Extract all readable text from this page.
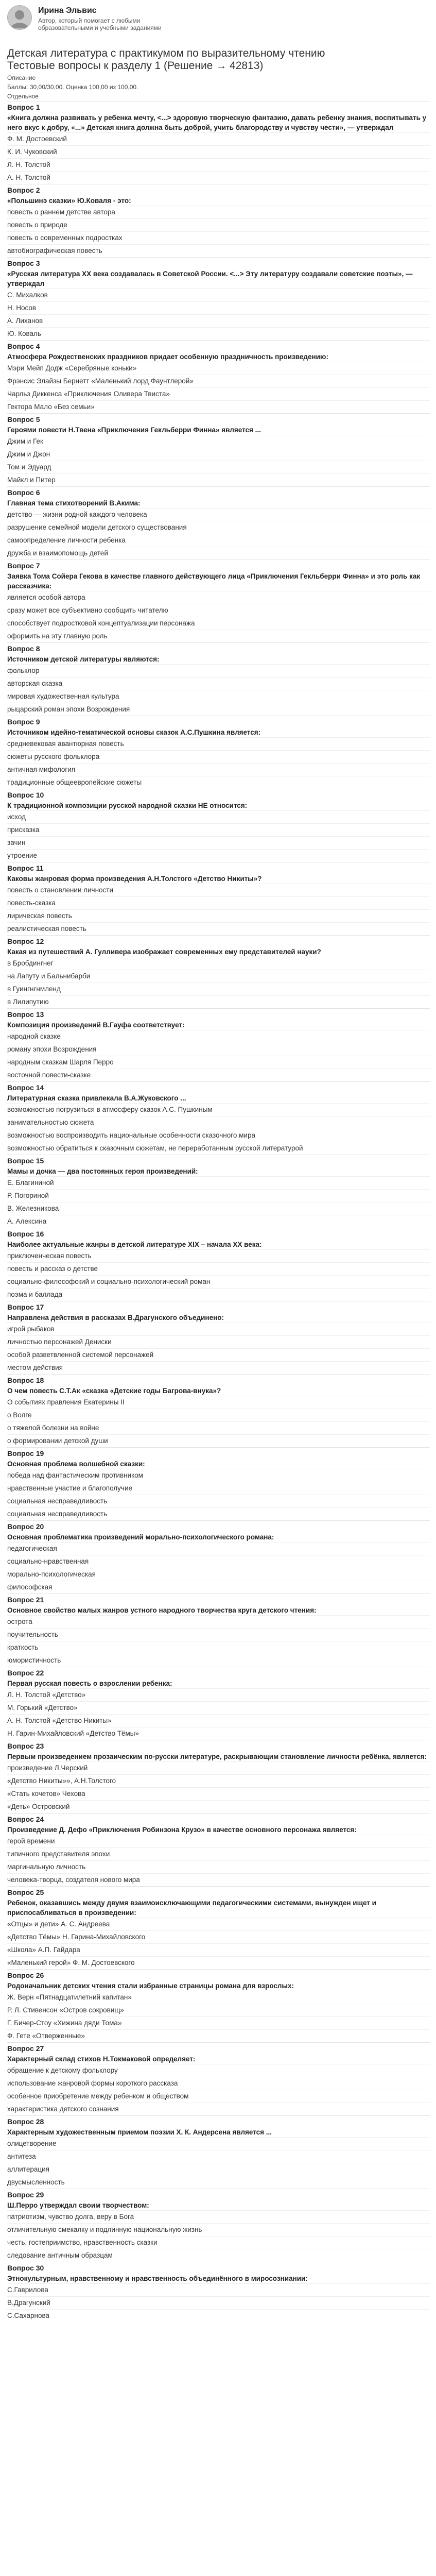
Ирина Эльвис
Автор, который помогает с любыми образовательными и учебными заданиями
Детская литература с практикумом по выразительному чтению
Тестовые вопросы к разделу 1 (Решение → 42813)
Описание
Баллы: 30,00/30,00. Оценка 100,00 из 100,00.
Отдельное
Вопрос 1
«Книга должна развивать у ребенка мечту, <...> здоровую творческую фантазию, давать ребенку знания, воспитывать у него вкус к добру, «...» Детская книга должна быть доброй, учить благородству и чувству чести», — утверждал
Ф. М. Достоевский
К. И. Чуковский
Л. Н. Толстой
А. Н. Толстой
Вопрос 2
«Польшинэ сказки» Ю.Коваля - это:
повесть о раннем детстве автора
повесть о природе
повесть о современных подростках
автобиографическая повесть
Вопрос 3
«Русская литература XX века создавалась в Советской России. <...> Эту литературу создавали советские поэты», — утверждал
С. Михалков
Н. Носов
А. Лиханов
Ю. Коваль
Вопрос 4
Атмосфера Рождественских праздников придает особенную праздничность произведению:
Мэри Мейп Додж «Серебряные коньки»
Фрэнсис Элайзы Бернетт «Маленький лорд Фаунтлерой»
Чарльз Диккенса «Приключения Оливера Твиста»
Гектора Мало «Без семьи»
Вопрос 5
Героями повести Н.Твена «Приключения Гекльберри Финна» является ...
Джим и Гек
Джим и Джон
Том и Эдуард
Майкл и Питер
Вопрос 6
Главная тема стихотворений В.Акима:
детство — жизни родной каждого человека
разрушение семейной модели детского существования
самоопределение личности ребенка
дружба и взаимопомощь детей
Вопрос 7
Заявка Тома Сойера Гекова в качестве главного действующего лица «Приключения Гекльберри Финна» и это роль как рассказчика:
является особой автора
сразу может все субъективно сообщить читателю
способствует подростковой концептуализации персонажа
оформить на эту главную роль
Вопрос 8
Источником детской литературы являются:
фольклор
авторская сказка
мировая художественная культура
рыцарский роман эпохи Возрождения
Вопрос 9
Источником идейно-тематической основы сказок А.С.Пушкина является:
средневековая авантюрная повесть
сюжеты русского фольклора
античная мифология
традиционные общеевропейские сюжеты
Вопрос 10
К традиционной композиции русской народной сказки НЕ относится:
исход
присказка
зачин
утроение
Вопрос 11
Каковы жанровая форма произведения А.Н.Толстого «Детство Никиты»?
повесть о становлении личности
повесть-сказка
лирическая повесть
реалистическая повесть
Вопрос 12
Какая из путешествий А. Гулливера изображает современных ему представителей науки?
в Бробдингнег
на Лапуту и Бальнибарби
в Гуингнгнмленд
в Лилипутию
Вопрос 13
Композиция произведений В.Гауфа соответствует:
народной сказке
роману эпохи Возрождения
народным сказкам Шарля Перро
восточной повести-сказке
Вопрос 14
Литературная сказка привлекала В.А.Жуковского ...
возможностью погрузиться в атмосферу сказок А.С. Пушкиным
занимательностью сюжета
возможностью воспроизводить национальные особенности сказочного мира
возможностью обратиться к сказочным сюжетам, не переработанным русской литературой
Вопрос 15
Мамы и дочка — два постоянных героя произведений:
Е. Благининой
Р. Погориной
В. Железникова
А. Алексина
Вопрос 16
Наиболее актуальные жанры в детской литературе XIX – начала XX века:
приключенческая повесть
повесть и рассказ о детстве
социально-философский и социально-психологический роман
поэма и баллада
Вопрос 17
Направлена действия в рассказах В.Драгунского объединено:
игрой рыбаков
личностью персонажей Дениски
особой разветвленной системой персонажей
местом действия
Вопрос 18
О чем повесть С.Т.Ак «сказка «Детские годы Багрова-внука»?
О событиях правления Екатерины II
о Волге
о тяжелой болезни на войне
о формировании детской души
Вопрос 19
Основная проблема волшебной сказки:
победа над фантастическим противником
нравственные участие и благополучие
социальная несправедливость
социальная несправедливость
Вопрос 20
Основная проблематика произведений морально-психологического романа:
педагогическая
социально-нравственная
морально-психологическая
философская
Вопрос 21
Основное свойство малых жанров устного народного творчества круга детского чтения:
острота
поучительность
краткость
юмористичность
Вопрос 22
Первая русская повесть о взрослении ребенка:
Л. Н. Толстой «Детство»
М. Горький «Детство»
А. Н. Толстой «Детство Никиты»
Н. Гарин-Михайловский «Детство Тёмы»
Вопрос 23
Первым произведением прозаическим по-русски литературе, раскрывающим становление личности ребёнка, является:
произведение Л.Черский
«Детство Никиты»», А.Н.Толстого
«Стать кочетов» Чехова
«Деть» Островский
Вопрос 24
Произведение Д. Дефо «Приключения Робинзона Крузо» в качестве основного персонажа является:
герой времени
типичного представителя эпохи
маргинальную личность
человека-творца, создателя нового мира
Вопрос 25
Ребенок, оказавшись между двумя взаимоисключающими педагогическими системами, вынужден ищет и приспосабливаться в произведении:
«Отцы» и дети» А. С. Андреева
«Детство Тёмы» Н. Гарина-Михайловского
«Школа» А.П. Гайдара
«Маленький герой» Ф. М. Достоевского
Вопрос 26
Родоначальник детских чтения стали избранные страницы романа для взрослых:
Ж. Верн «Пятнадцатилетний капитан»
Р. Л. Стивенсон «Остров сокровищ»
Г. Бичер-Стоу «Хижина дяди Тома»
Ф. Гете «Отверженные»
Вопрос 27
Характерный склад стихов Н.Токмаковой определяет:
обращение к детскому фольклору
использование жанровой формы короткого рассказа
особенное приобретение между ребенком и обществом
характеристика детского сознания
Вопрос 28
Характерным художественным приемом поэзии Х. К. Андерсена является ...
олицетворение
антитеза
аллитерация
двусмысленность
Вопрос 29
Ш.Перро утверждал своим творчеством:
патриотизм, чувство долга, веру в Бога
отличительную смекалку и подлинную национальную жизнь
честь, гостеприимство, нравственность сказки
следование античным образцам
Вопрос 30
Этнокультурным, нравственному и нравственность объединённого в миросозниании:
С.Гаврилова
В.Драгунский
С.Сахарнова
